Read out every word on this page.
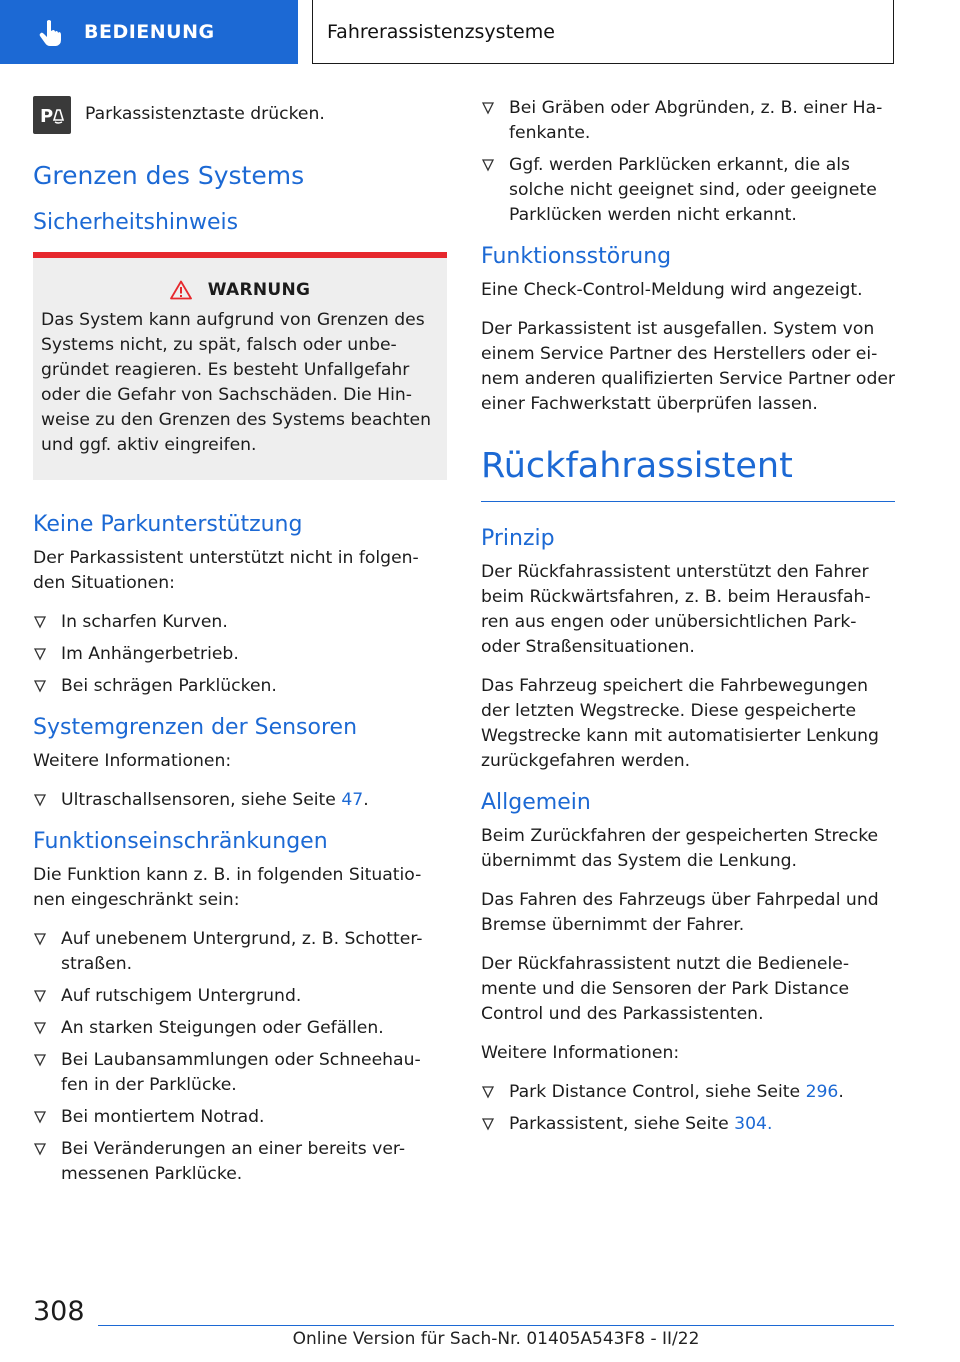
BEDIENUNG	Fahrerassistenzsysteme
P Parkassistenztaste drücken.
Grenzen des Systems
Sicherheitshinweis
WARNUNG
Das System kann aufgrund von Grenzen des Systems nicht, zu spät, falsch oder unbe-gründet reagieren. Es besteht Unfallgefahr oder die Gefahr von Sachschäden. Die Hin-weise zu den Grenzen des Systems beachten und ggf. aktiv eingreifen.
Keine Parkunterstützung

Der Parkassistent unterstützt nicht in folgen-den Situationen:

In scharfen Kurven.
Im Anhängerbetrieb.
Bei schrägen Parklücken.
Systemgrenzen der Sensoren

Weitere Informationen:

Ultraschallsensoren, siehe Seite 47.
Funktionseinschränkungen

Die Funktion kann z. B. in folgenden Situatio-nen eingeschränkt sein:

Auf unebenem Untergrund, z. B. Schotter-straßen.
Auf rutschigem Untergrund.
An starken Steigungen oder Gefällen.
Bei Laubansammlungen oder Schneehau-fen in der Parklücke.
Bei montiertem Notrad.
Bei Veränderungen an einer bereits ver-messenen Parklücke.
Bei Gräben oder Abgründen, z. B. einer Ha-fenkante.
Ggf. werden Parklücken erkannt, die als solche nicht geeignet sind, oder geeignete Parklücken werden nicht erkannt.
Funktionsstörung

Eine Check-Control-Meldung wird angezeigt.

Der Parkassistent ist ausgefallen. System von einem Service Partner des Herstellers oder ei-nem anderen qualifizierten Service Partner oder einer Fachwerkstatt überprüfen lassen.

Rückfahrassistent
Prinzip

Der Rückfahrassistent unterstützt den Fahrer beim Rückwärtsfahren, z. B. beim Herausfah-ren aus engen oder unübersichtlichen Park-oder Straßensituationen.

Das Fahrzeug speichert die Fahrbewegungen der letzten Wegstrecke. Diese gespeicherte Wegstrecke kann mit automatisierter Lenkung zurückgefahren werden.

Allgemein

Beim Zurückfahren der gespeicherten Strecke übernimmt das System die Lenkung.

Das Fahren des Fahrzeugs über Fahrpedal und Bremse übernimmt der Fahrer.

Der Rückfahrassistent nutzt die Bedienele-mente und die Sensoren der Park Distance Control und des Parkassistenten.

Weitere Informationen:

Park Distance Control, siehe Seite 296.
Parkassistent, siehe Seite 304.
308
Online Version für Sach-Nr. 01405A543F8 - II/22
